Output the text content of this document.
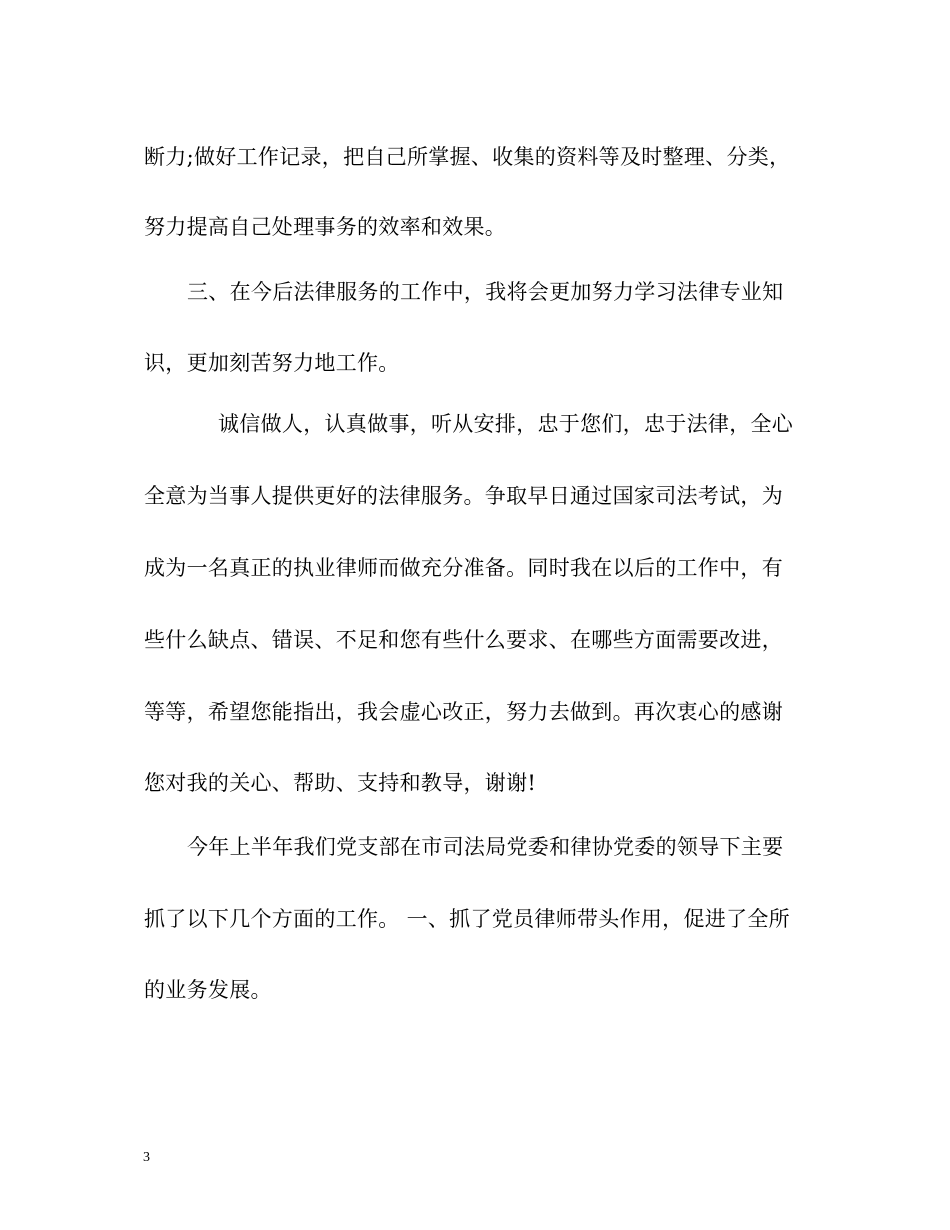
断力;做好工作记录，把自己所掌握、收集的资料等及时整理、分类，
努力提高自己处理事务的效率和效果。
三、在今后法律服务的工作中，我将会更加努力学习法律专业知
识，更加刻苦努力地工作。
诚信做人，认真做事，听从安排，忠于您们，忠于法律，全心
全意为当事人提供更好的法律服务。争取早日通过国家司法考试，为
成为一名真正的执业律师而做充分准备。同时我在以后的工作中，有
些什么缺点、错误、不足和您有些什么要求、在哪些方面需要改进，
等等，希望您能指出，我会虚心改正，努力去做到。再次衷心的感谢
您对我的关心、帮助、支持和教导，谢谢!
今年上半年我们党支部在市司法局党委和律协党委的领导下主要
抓了以下几个方面的工作。 一、抓了党员律师带头作用，促进了全所
的业务发展。
3
